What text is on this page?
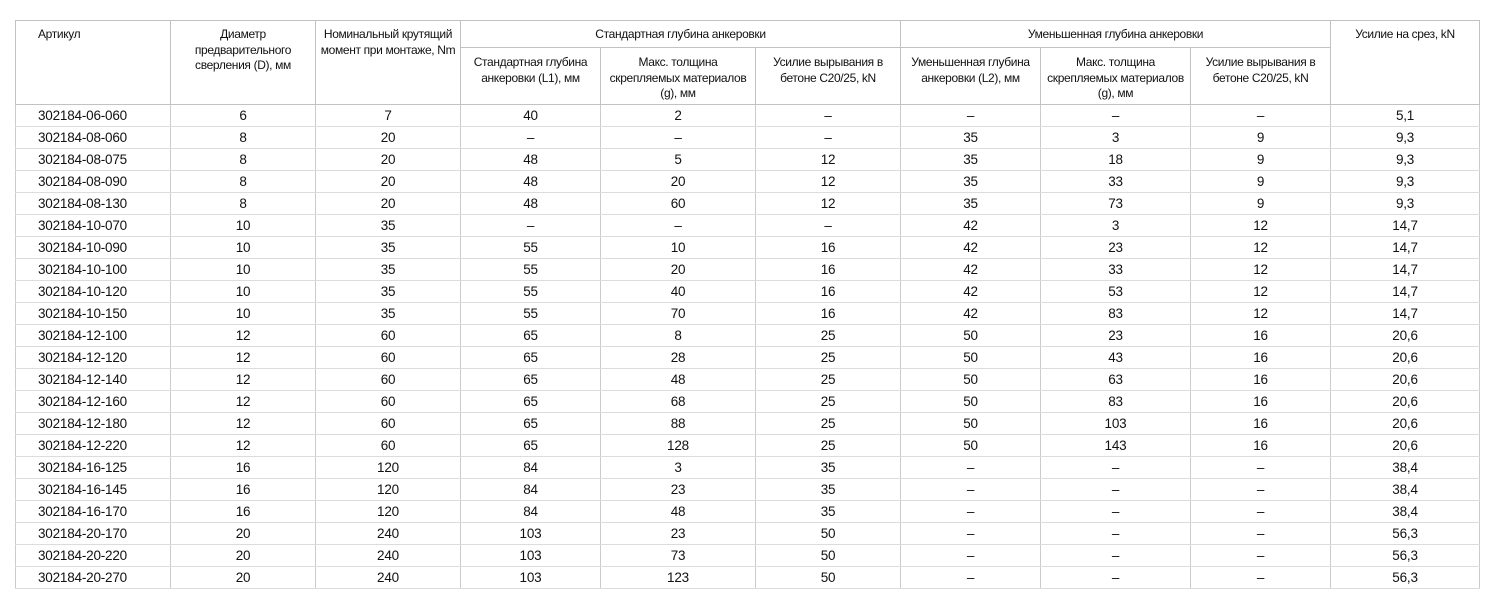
Артикул	Диаметр предварительного сверления (D), мм	Номинальный крутящий момент при монтаже, Nm	Стандартная глубина анкеровки			Уменьшенная глубина анкеровки			Усилие на срез, kN
			Стандартная глубина анкеровки (L1), мм	Макс. толщина скрепляемых материалов (g), мм	Усилие вырывания в бетоне C20/25, kN	Уменьшенная глубина анкеровки (L2), мм	Макс. толщина скрепляемых материалов (g), мм	Усилие вырывания в бетоне C20/25, kN	
302184-06-060	6	7	40	2	–	–	–	–	5,1
302184-08-060	8	20	–	–	–	35	3	9	9,3
302184-08-075	8	20	48	5	12	35	18	9	9,3
302184-08-090	8	20	48	20	12	35	33	9	9,3
302184-08-130	8	20	48	60	12	35	73	9	9,3
302184-10-070	10	35	–	–	–	42	3	12	14,7
302184-10-090	10	35	55	10	16	42	23	12	14,7
302184-10-100	10	35	55	20	16	42	33	12	14,7
302184-10-120	10	35	55	40	16	42	53	12	14,7
302184-10-150	10	35	55	70	16	42	83	12	14,7
302184-12-100	12	60	65	8	25	50	23	16	20,6
302184-12-120	12	60	65	28	25	50	43	16	20,6
302184-12-140	12	60	65	48	25	50	63	16	20,6
302184-12-160	12	60	65	68	25	50	83	16	20,6
302184-12-180	12	60	65	88	25	50	103	16	20,6
302184-12-220	12	60	65	128	25	50	143	16	20,6
302184-16-125	16	120	84	3	35	–	–	–	38,4
302184-16-145	16	120	84	23	35	–	–	–	38,4
302184-16-170	16	120	84	48	35	–	–	–	38,4
302184-20-170	20	240	103	23	50	–	–	–	56,3
302184-20-220	20	240	103	73	50	–	–	–	56,3
302184-20-270	20	240	103	123	50	–	–	–	56,3
